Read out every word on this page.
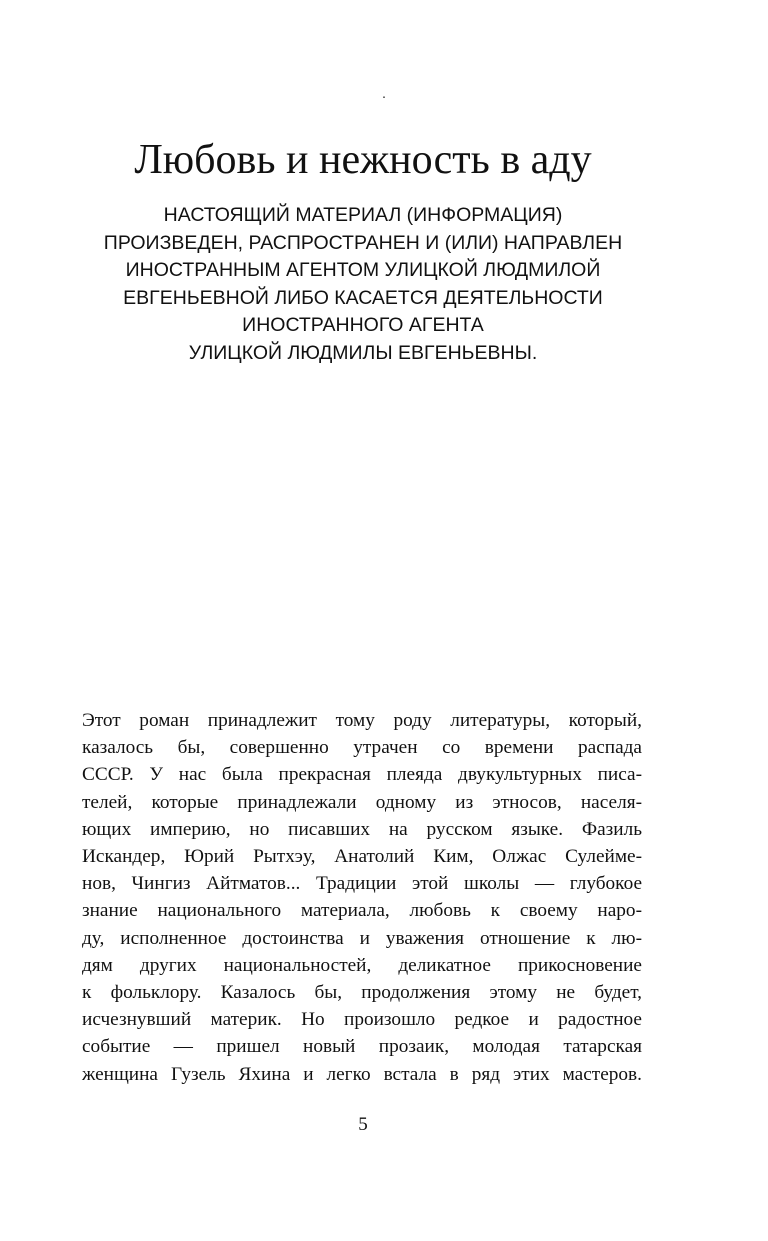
.
Любовь и нежность в аду
НАСТОЯЩИЙ МАТЕРИАЛ (ИНФОРМАЦИЯ)
ПРОИЗВЕДЕН, РАСПРОСТРАНЕН И (ИЛИ) НАПРАВЛЕН
ИНОСТРАННЫМ АГЕНТОМ УЛИЦКОЙ ЛЮДМИЛОЙ
ЕВГЕНЬЕВНОЙ ЛИБО КАСАЕТСЯ ДЕЯТЕЛЬНОСТИ
ИНОСТРАННОГО АГЕНТА
УЛИЦКОЙ ЛЮДМИЛЫ ЕВГЕНЬЕВНЫ.
Этот роман принадлежит тому роду литературы, который,
казалось бы, совершенно утрачен со времени распада
СССР. У нас была прекрасная плеяда двукультурных писа-
телей, которые принадлежали одному из этносов, населя-
ющих империю, но писавших на русском языке. Фазиль
Искандер, Юрий Рытхэу, Анатолий Ким, Олжас Сулейме-
нов, Чингиз Айтматов... Традиции этой школы — глубокое
знание национального материала, любовь к своему наро-
ду, исполненное достоинства и уважения отношение к лю-
дям других национальностей, деликатное прикосновение
к фольклору. Казалось бы, продолжения этому не будет,
исчезнувший материк. Но произошло редкое и радостное
событие — пришел новый прозаик, молодая татарская
женщина Гузель Яхина и легко встала в ряд этих мастеров.
5
